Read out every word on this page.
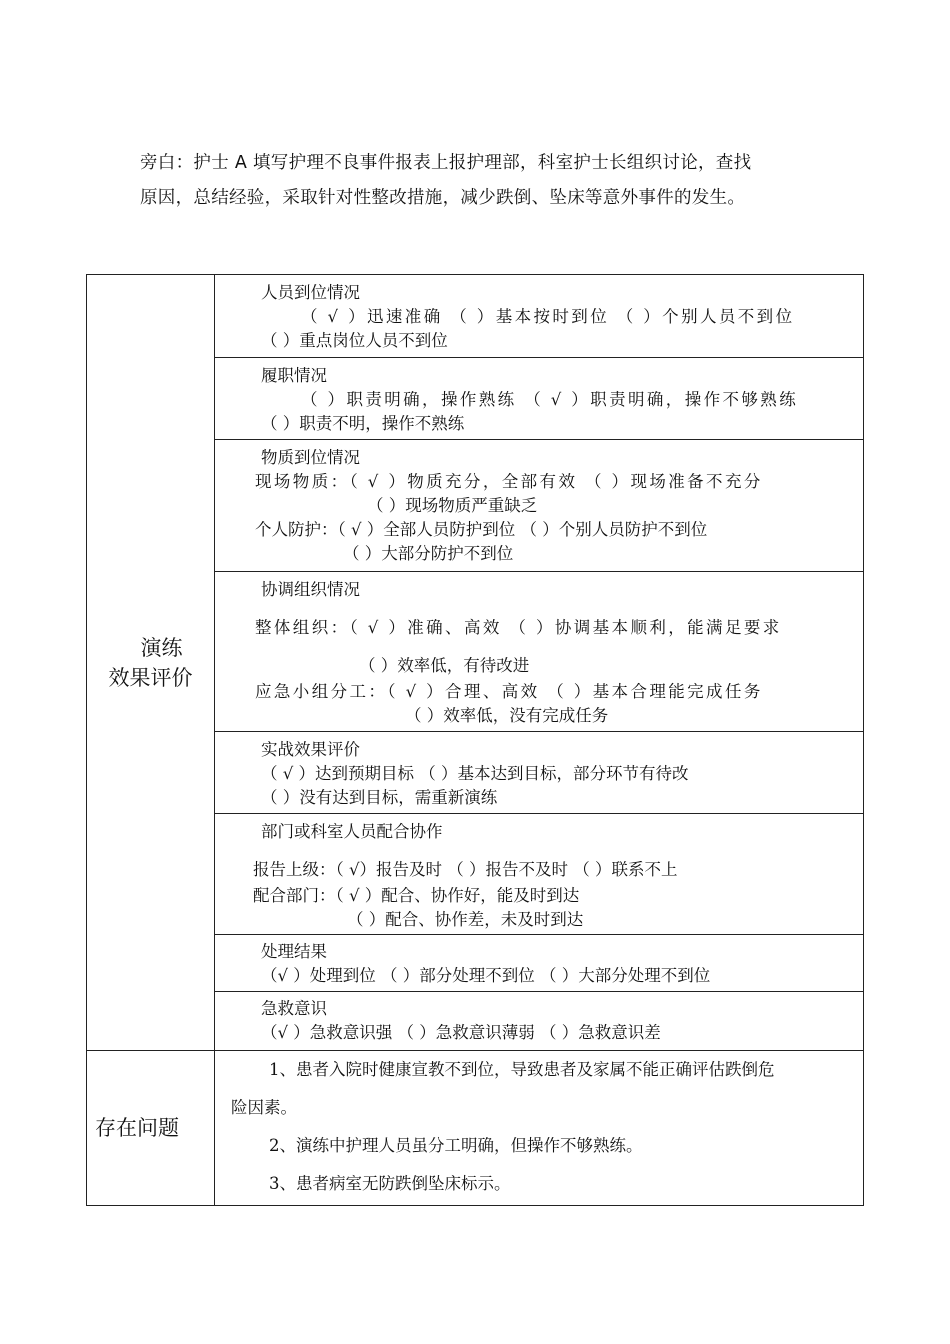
旁白：护士 A 填写护理不良事件报表上报护理部，科室护士长组织讨论，查找
原因，总结经验，采取针对性整改措施，减少跌倒、坠床等意外事件的发生。
演练
效果评价	人员到位情况
（ √ ）迅速准确 （ ）基本按时到位 （ ）个别人员不到位
（ ）重点岗位人员不到位

	履职情况
（ ）职责明确，操作熟练 （ √ ）职责明确，操作不够熟练
（ ）职责不明，操作不熟练

	物质到位情况
现场物质：（ √ ）物质充分，全部有效 （ ）现场准备不充分
（ ）现场物质严重缺乏
个人防护：（ √ ）全部人员防护到位 （ ）个别人员防护不到位
（ ）大部分防护不到位

	协调组织情况
整体组织：（ √ ）准确、高效 （ ）协调基本顺利，能满足要求
（ ）效率低，有待改进
应急小组分工：（ √ ）合理、高效 （ ）基本合理能完成任务
（ ）效率低，没有完成任务

	实战效果评价
（ √ ）达到预期目标 （ ）基本达到目标，部分环节有待改
（ ）没有达到目标，需重新演练

	部门或科室人员配合协作
报告上级：（ √）报告及时 （ ）报告不及时 （ ）联系不上
配合部门：（ √ ）配合、协作好，能及时到达
（ ）配合、协作差，未及时到达

	处理结果
（√ ）处理到位 （ ）部分处理不到位 （ ）大部分处理不到位

	急救意识
（√ ）急救意识强 （ ）急救意识薄弱 （ ）急救意识差

存在问题	1、患者入院时健康宣教不到位，导致患者及家属不能正确评估跌倒危
险因素。
2、演练中护理人员虽分工明确，但操作不够熟练。
3、患者病室无防跌倒坠床标示。
